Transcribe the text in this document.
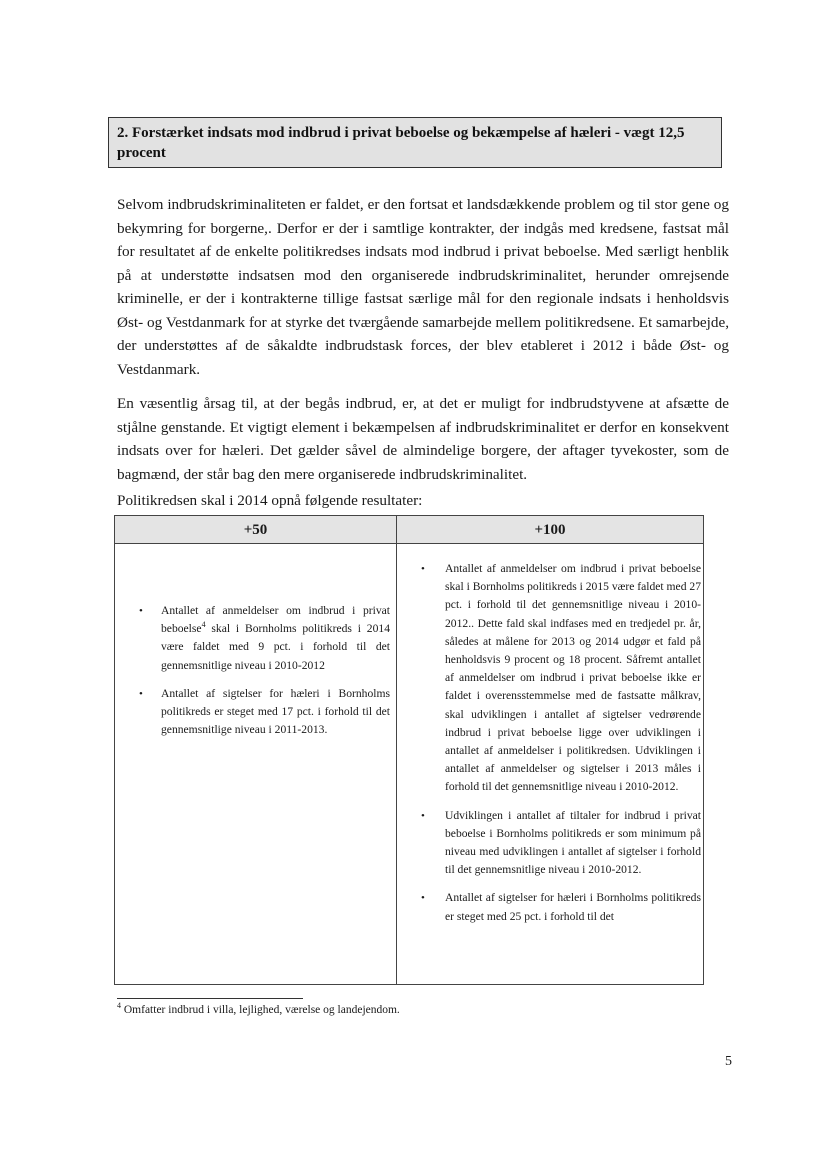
2. Forstærket indsats mod indbrud i privat beboelse og bekæmpelse af hæleri - vægt 12,5 procent

Selvom indbrudskriminaliteten er faldet, er den fortsat et landsdækkende problem og til stor gene og bekymring for borgerne,. Derfor er der i samtlige kontrakter, der indgås med kredsene, fastsat mål for resultatet af de enkelte politikredses indsats mod indbrud i privat beboelse. Med særligt henblik på at understøtte indsatsen mod den organiserede indbrudskriminalitet, herunder omrejsende kriminelle, er der i kontrakterne tillige fastsat særlige mål for den regionale indsats i henholdsvis Øst- og Vestdanmark for at styrke det tværgående samarbejde mellem politikredsene. Et samarbejde, der understøttes af de såkaldte indbrudstask forces, der blev etableret i 2012 i både Øst- og Vestdanmark.

En væsentlig årsag til, at der begås indbrud, er, at det er muligt for indbrudstyvene at afsætte de stjålne genstande. Et vigtigt element i bekæmpelsen af indbrudskriminalitet er derfor en konsekvent indsats over for hæleri. Det gælder såvel de almindelige borgere, der aftager tyvekoster, som de bagmænd, der står bag den mere organiserede indbrudskriminalitet.

Politikredsen skal i 2014 opnå følgende resultater:

+50
• Antallet af anmeldelser om indbrud i privat beboelse$^4$ skal i Bornholms politikreds i 2014 være faldet med 9 pct. i forhold til det gennemsnitlige niveau i 2010-2012
• Antallet af sigtelser for hæleri i Bornholms politikreds er steget med 17 pct. i forhold til det gennemsnitlige niveau i 2011-2013.
+100
• Antallet af anmeldelser om indbrud i privat beboelse skal i Bornholms politikreds i 2015 være faldet med 27 pct. i forhold til det gennemsnitlige niveau i 2010-2012.. Dette fald skal indfases med en tredjedel pr. år, således at målene for 2013 og 2014 udgør et fald på henholdsvis 9 procent og 18 procent. Såfremt antallet af anmeldelser om indbrud i privat beboelse ikke er faldet i overensstemmelse med de fastsatte målkrav, skal udviklingen i antallet af sigtelser vedrørende indbrud i privat beboelse ligge over udviklingen i antallet af anmeldelser i politikredsen. Udviklingen i antallet af anmeldelser og sigtelser i 2013 måles i forhold til det gennemsnitlige niveau i 2010-2012.
• Udviklingen i antallet af tiltaler for indbrud i privat beboelse i Bornholms politikreds er som minimum på niveau med udviklingen i antallet af sigtelser i forhold til det gennemsnitlige niveau i 2010-2012.
• Antallet af sigtelser for hæleri i Bornholms politikreds er steget med 25 pct. i forhold til det
$^4$ Omfatter indbrud i villa, lejlighed, værelse og landejendom.
5
